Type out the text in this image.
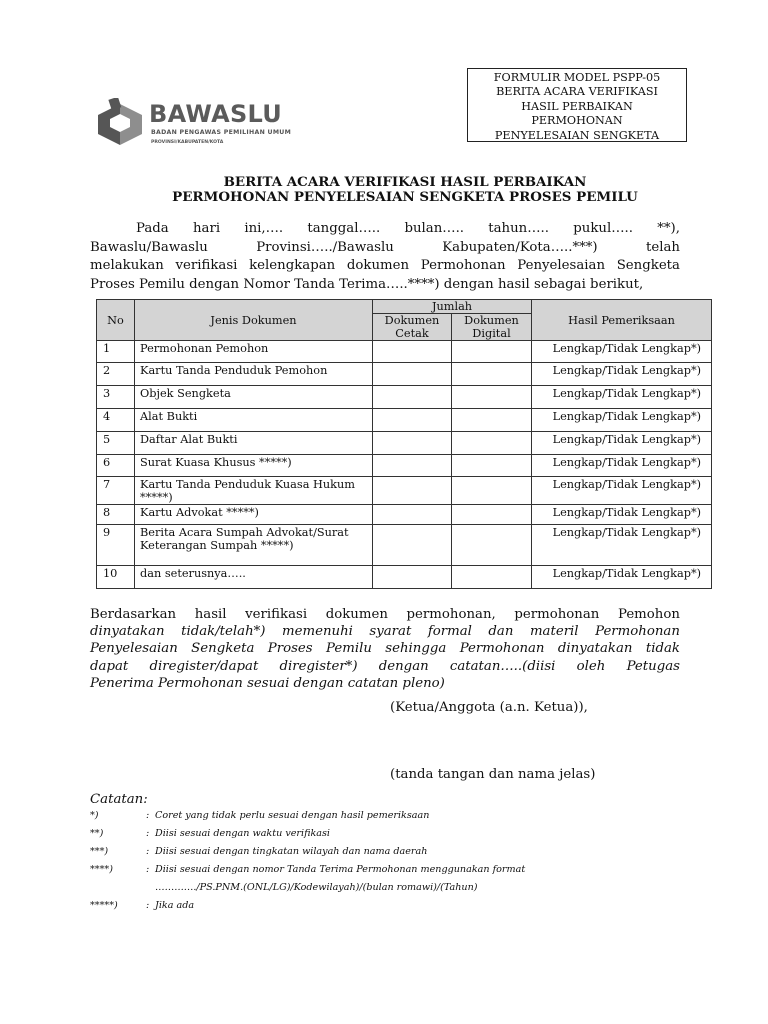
FORMULIR MODEL PSPP-05
BERITA ACARA VERIFIKASI
HASIL PERBAIKAN
PERMOHONAN
PENYELESAIAN SENGKETA
BAWASLU
BADAN PENGAWAS PEMILIHAN UMUM
PROVINSI/KABUPATEN/KOTA
BERITA ACARA VERIFIKASI HASIL PERBAIKAN
PERMOHONAN PENYELESAIAN SENGKETA PROSES PEMILU
Pada hari ini,…. tanggal….. bulan….. tahun….. pukul….. **),
Bawaslu/Bawaslu	Provinsi…../Bawaslu	Kabupaten/Kota…..***)	telah
melakukan verifikasi kelengkapan dokumen Permohonan Penyelesaian Sengketa
Proses Pemilu dengan Nomor Tanda Terima…..****) dengan hasil sebagai berikut,
No	Jenis Dokumen	Jumlah		Hasil Pemeriksaan
		Dokumen Cetak	Dokumen Digital	
1	Permohonan Pemohon			Lengkap/Tidak Lengkap*)
2	Kartu Tanda Penduduk Pemohon			Lengkap/Tidak Lengkap*)
3	Objek Sengketa			Lengkap/Tidak Lengkap*)
4	Alat Bukti			Lengkap/Tidak Lengkap*)
5	Daftar Alat Bukti			Lengkap/Tidak Lengkap*)
6	Surat Kuasa Khusus *****)			Lengkap/Tidak Lengkap*)
7	Kartu Tanda Penduduk Kuasa Hukum *****)			Lengkap/Tidak Lengkap*)
8	Kartu Advokat *****)			Lengkap/Tidak Lengkap*)
9	Berita Acara Sumpah Advokat/Surat Keterangan Sumpah *****)			Lengkap/Tidak Lengkap*)
10	dan seterusnya…..			Lengkap/Tidak Lengkap*)
Berdasarkan hasil verifikasi dokumen permohonan, permohonan Pemohon
dinyatakan tidak/telah*) memenuhi syarat formal dan materil Permohonan
Penyelesaian Sengketa Proses Pemilu sehingga Permohonan dinyatakan tidak
dapat diregister/dapat diregister*) dengan catatan…..(diisi oleh Petugas
Penerima Permohonan sesuai dengan catatan pleno)
(Ketua/Anggota (a.n. Ketua)),
(tanda tangan dan nama jelas)
Catatan:
*)	: Coret yang tidak perlu sesuai dengan hasil pemeriksaan
**)	: Diisi sesuai dengan waktu verifikasi
***)	: Diisi sesuai dengan tingkatan wilayah dan nama daerah
****)	: Diisi sesuai dengan nomor Tanda Terima Permohonan menggunakan format
…………./PS.PNM.(ONL/LG)/Kodewilayah)/(bulan romawi)/(Tahun)
*****)	: Jika ada
